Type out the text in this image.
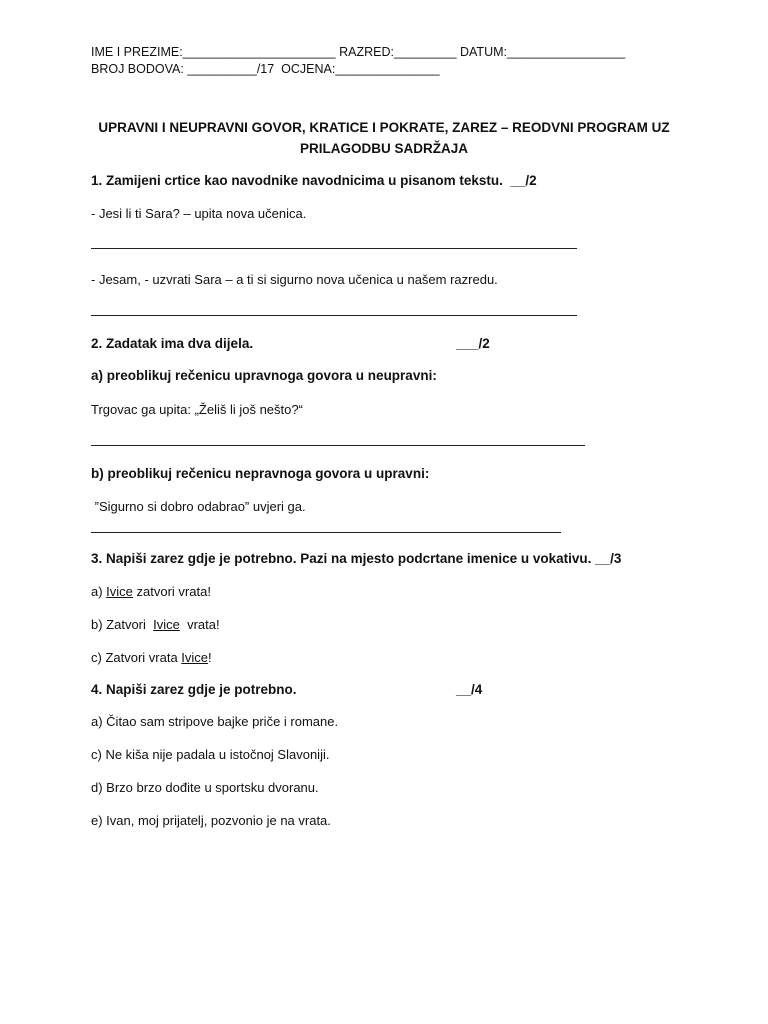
IME I PREZIME:______________________ RAZRED:_________ DATUM:_________________
BROJ BODOVA: __________/17  OCJENA:_______________
UPRAVNI I NEUPRAVNI GOVOR, KRATICE I POKRATE, ZAREZ – REODVNI PROGRAM UZ
PRILAGODBU SADRŽAJA
1. Zamijeni crtice kao navodnike navodnicima u pisanom tekstu.  __/2
- Jesi li ti Sara? – upita nova učenica.
- Jesam, - uzvrati Sara – a ti si sigurno nova učenica u našem razredu.
2. Zadatak ima dva dijela.	___/2
a) preoblikuj rečenicu upravnoga govora u neupravni:
Trgovac ga upita: „Želiš li još nešto?“
b) preoblikuj rečenicu nepravnoga govora u upravni:
”Sigurno si dobro odabrao” uvjeri ga.
3. Napiši zarez gdje je potrebno. Pazi na mjesto podcrtane imenice u vokativu. __/3
a) Ivice zatvori vrata!
b) Zatvori  Ivice  vrata!
c) Zatvori vrata Ivice!
4. Napiši zarez gdje je potrebno.	__/4
a) Čitao sam stripove bajke priče i romane.
c) Ne kiša nije padala u istočnoj Slavoniji.
d) Brzo brzo dođite u sportsku dvoranu.
e) Ivan, moj prijatelj, pozvonio je na vrata.
